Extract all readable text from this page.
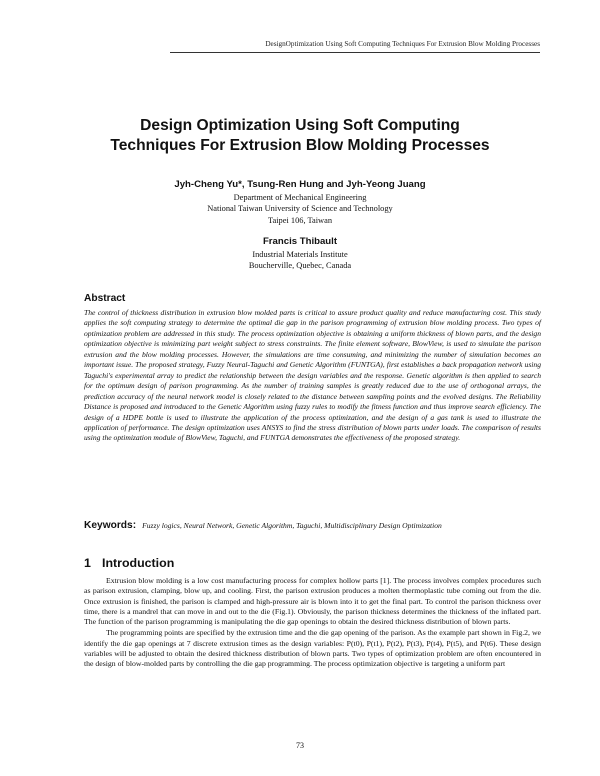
DesignOptimization Using Soft Computing Techniques For Extrusion Blow Molding Processes
Design Optimization Using Soft Computing
Techniques For Extrusion Blow Molding Processes
Jyh-Cheng Yu*, Tsung-Ren Hung and Jyh-Yeong Juang
Department of Mechanical Engineering
National Taiwan University of Science and Technology
Taipei 106, Taiwan
Francis Thibault
Industrial Materials Institute
Boucherville, Quebec, Canada
Abstract
The control of thickness distribution in extrusion blow molded parts is critical to assure product quality and reduce manufacturing cost. This study applies the soft computing strategy to determine the optimal die gap in the parison programming of extrusion blow molding process. Two types of optimization problem are addressed in this study. The process optimization objective is obtaining a uniform thickness of blown parts, and the design optimization objective is minimizing part weight subject to stress constraints. The finite element software, BlowView, is used to simulate the parison extrusion and the blow molding processes. However, the simulations are time consuming, and minimizing the number of simulation becomes an important issue. The proposed strategy, Fuzzy Neural-Taguchi and Genetic Algorithm (FUNTGA), first establishes a back propagation network using Taguchi's experimental array to predict the relationship between the design variables and the response. Genetic algorithm is then applied to search for the optimum design of parison programming. As the number of training samples is greatly reduced due to the use of orthogonal arrays, the prediction accuracy of the neural network model is closely related to the distance between sampling points and the evolved designs. The Reliability Distance is proposed and introduced to the Genetic Algorithm using fuzzy rules to modify the fitness function and thus improve search efficiency. The design of a HDPE bottle is used to illustrate the application of the process optimization, and the design of a gas tank is used to illustrate the application of performance. The design optimization uses ANSYS to find the stress distribution of blown parts under loads. The comparison of results using the optimization module of BlowView, Taguchi, and FUNTGA demonstrates the effectiveness of the proposed strategy.
Keywords: Fuzzy logics, Neural Network, Genetic Algorithm, Taguchi, Multidisciplinary Design Optimization
1 Introduction

Extrusion blow molding is a low cost manufacturing process for complex hollow parts [1]. The process involves complex procedures such as parison extrusion, clamping, blow up, and cooling. First, the parison extrusion produces a molten thermoplastic tube coming out from the die. Once extrusion is finished, the parison is clamped and high-pressure air is blown into it to get the final part. To control the parison thickness over time, there is a mandrel that can move in and out to the die (Fig.1). Obviously, the parison thickness determines the thickness of the inflated part. The function of the parison programming is manipulating the die gap openings to obtain the desired thickness distribution of blown parts.

The programming points are specified by the extrusion time and the die gap opening of the parison. As the example part shown in Fig.2, we identify the die gap openings at 7 discrete extrusion times as the design variables: P(t0), P(t1), P(t2), P(t3), P(t4), P(t5), and P(t6). These design variables will be adjusted to obtain the desired thickness distribution of blown parts. Two types of optimization problem are often encountered in the design of blow-molded parts by controlling the die gap programming. The process optimization objective is targeting a uniform part

73
